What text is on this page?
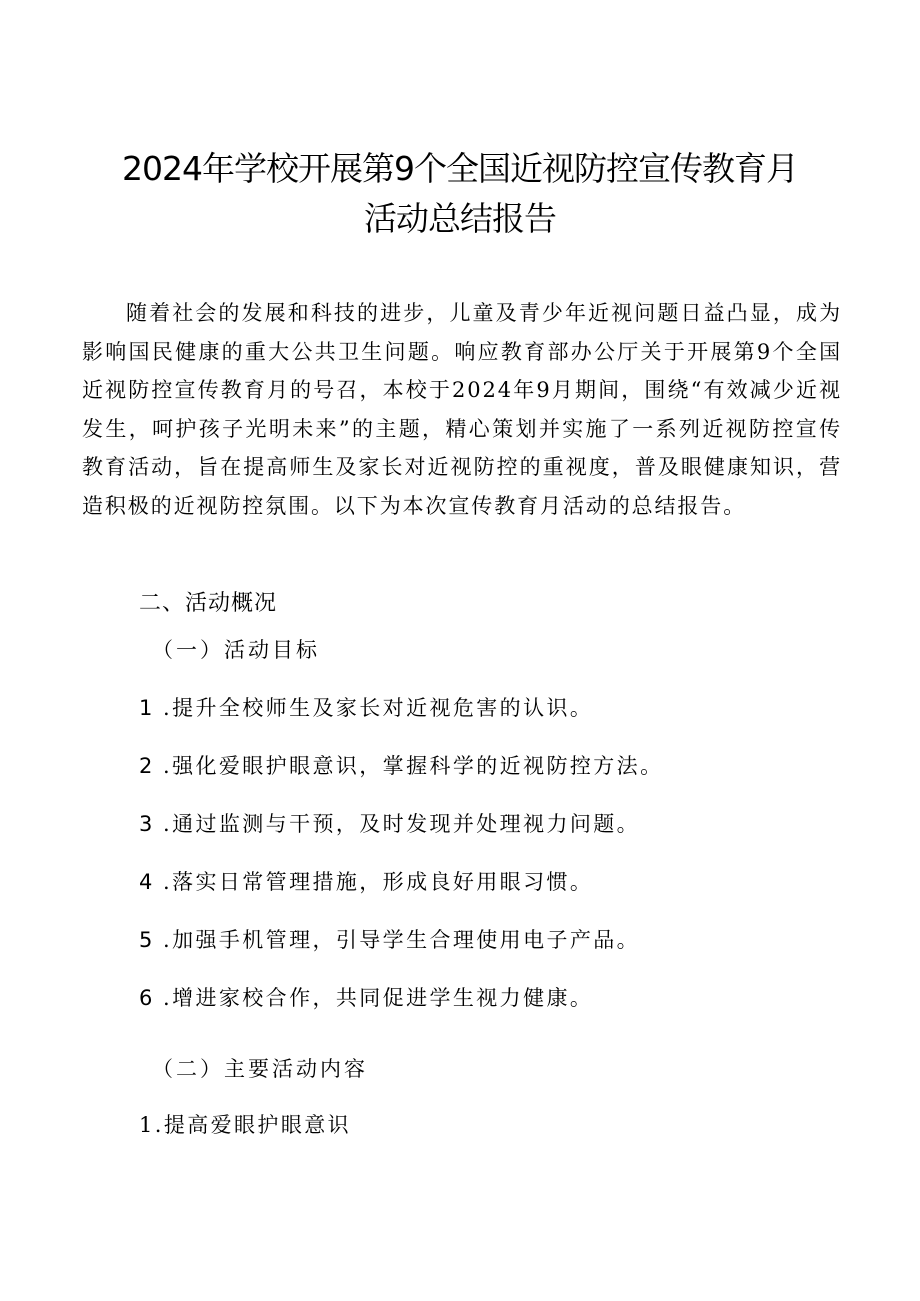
2024年学校开展第9个全国近视防控宣传教育月
活动总结报告

随着社会的发展和科技的进步，儿童及青少年近视问题日益凸显，成为影响国民健康的重大公共卫生问题。响应教育部办公厅关于开展第9个全国近视防控宣传教育月的号召，本校于2024年9月期间，围绕“有效减少近视发生，呵护孩子光明未来”的主题，精心策划并实施了一系列近视防控宣传教育活动，旨在提高师生及家长对近视防控的重视度，普及眼健康知识，营造积极的近视防控氛围。以下为本次宣传教育月活动的总结报告。

二、活动概况
（一）活动目标

1 .提升全校师生及家长对近视危害的认识。

2 .强化爱眼护眼意识，掌握科学的近视防控方法。

3 .通过监测与干预，及时发现并处理视力问题。

4 .落实日常管理措施，形成良好用眼习惯。

5 .加强手机管理，引导学生合理使用电子产品。

6 .增进家校合作，共同促进学生视力健康。

（二）主要活动内容

1.提高爱眼护眼意识
